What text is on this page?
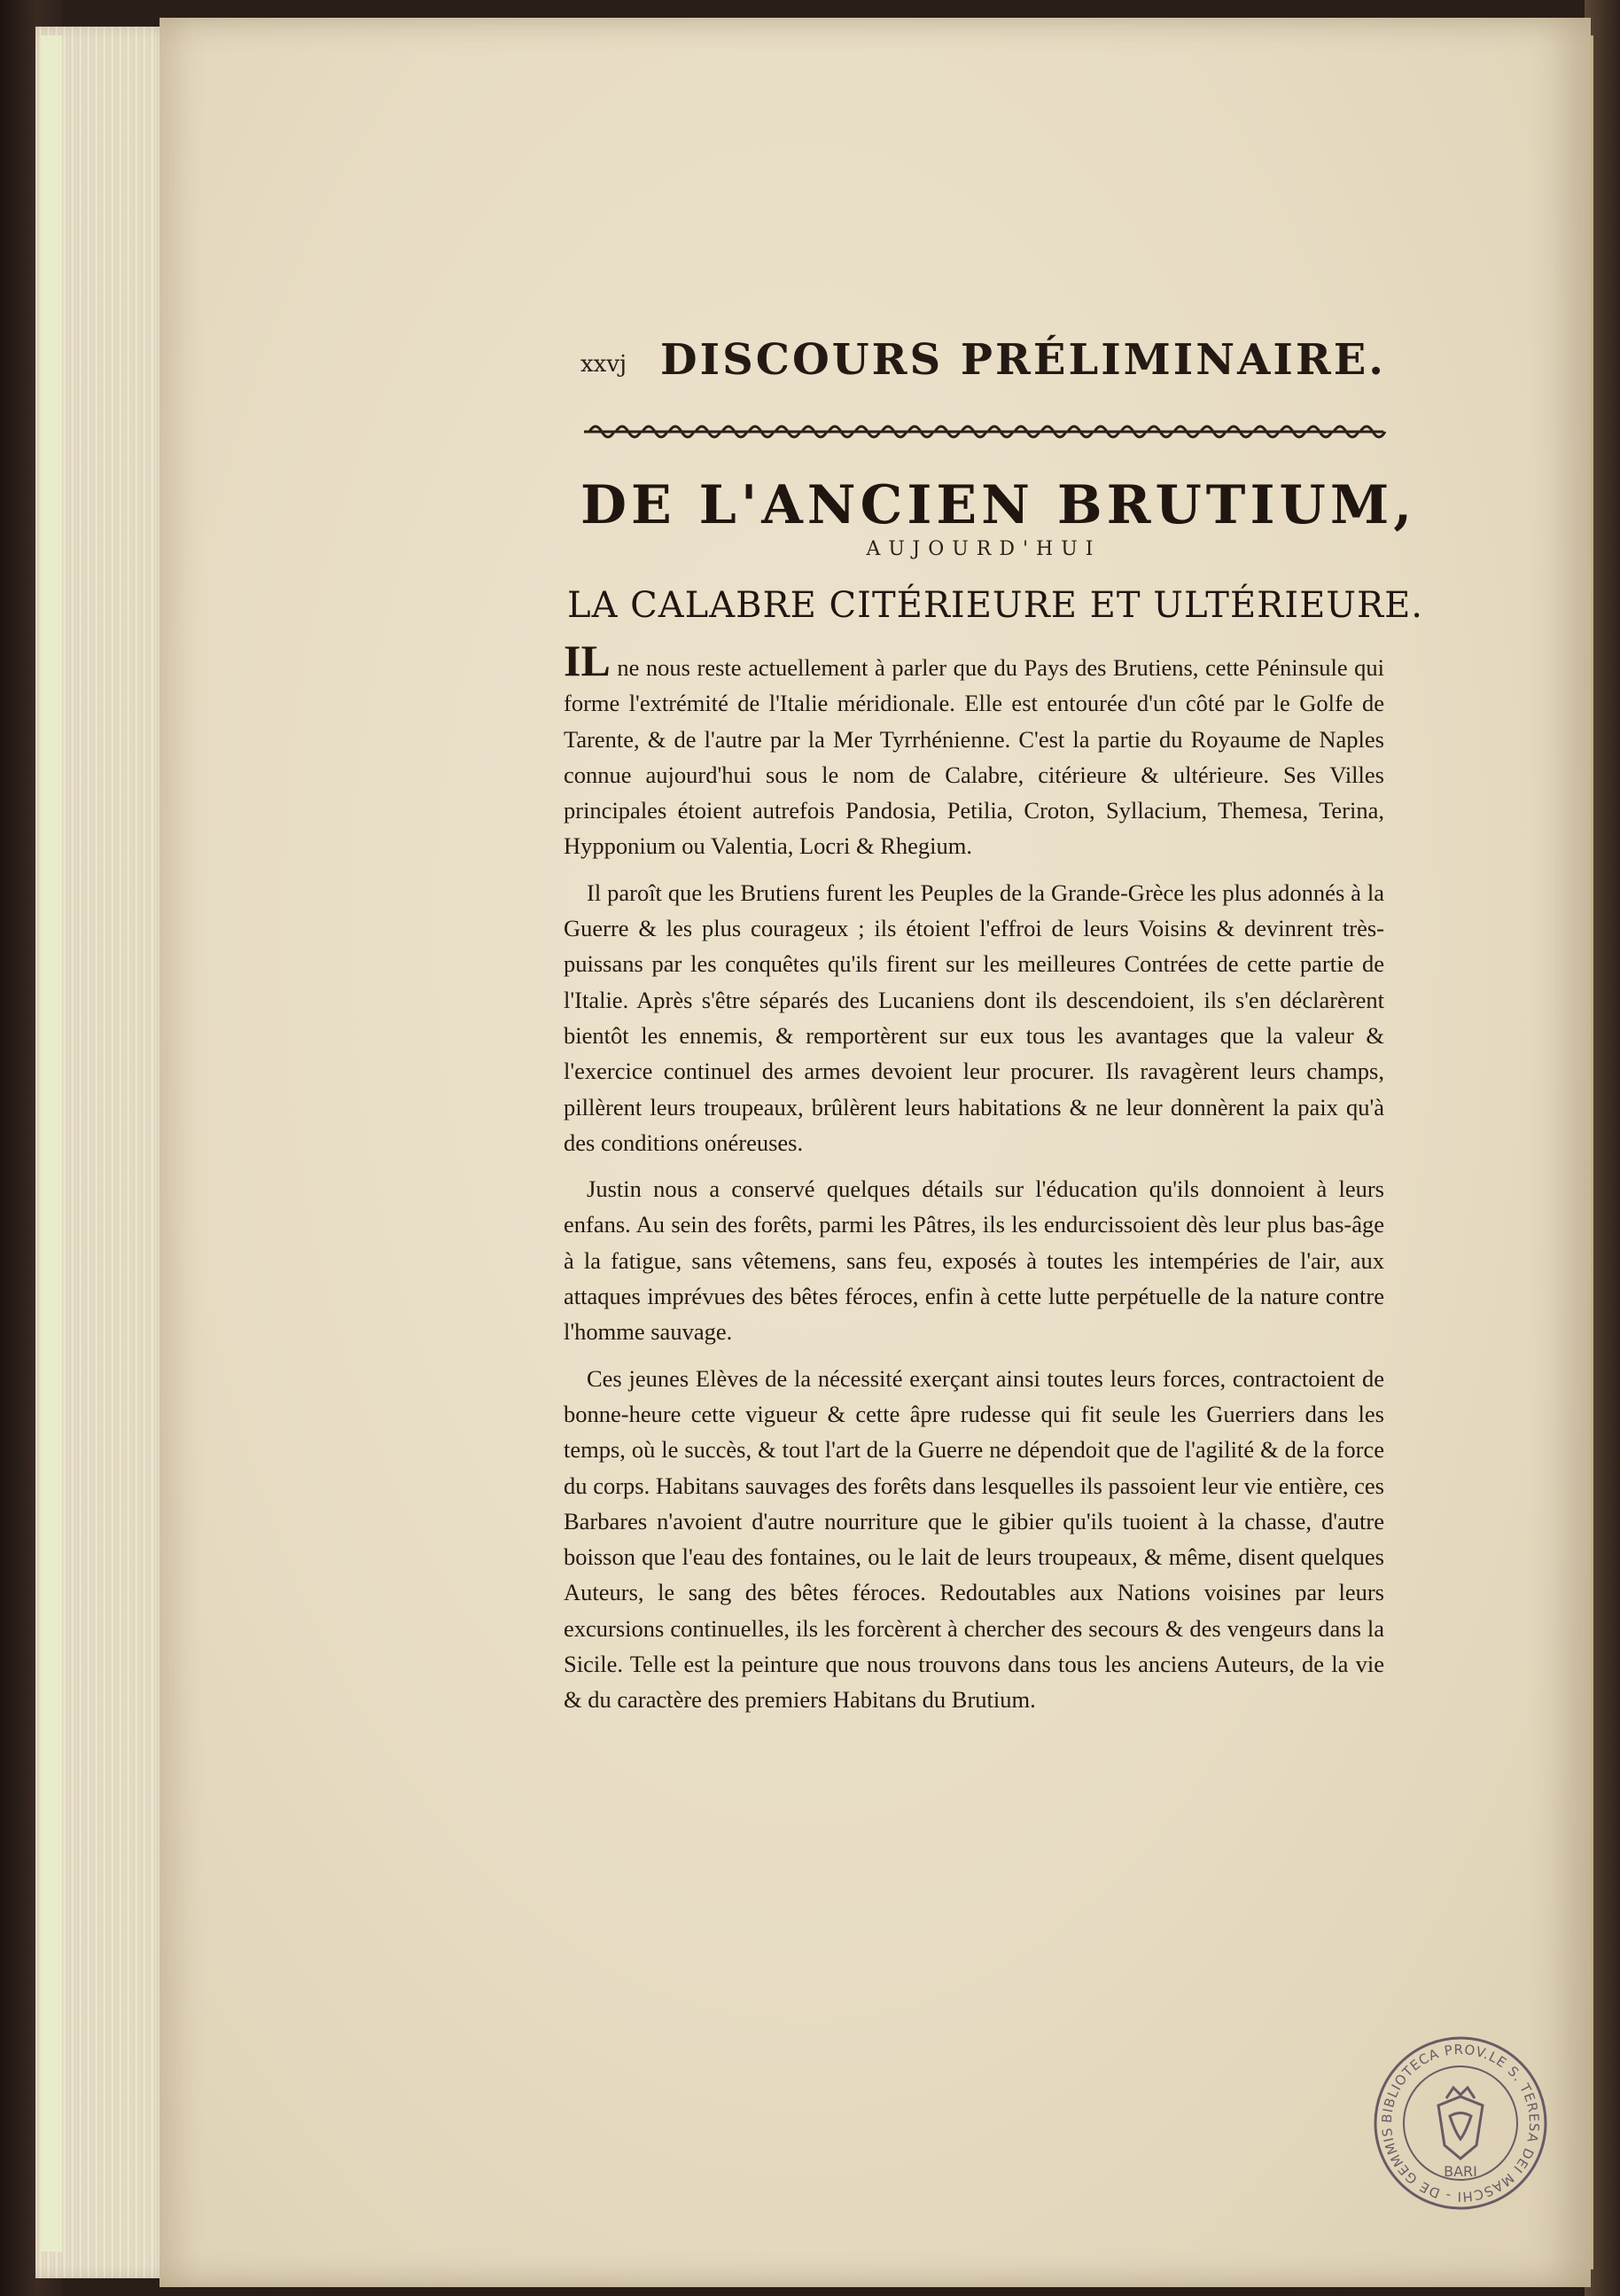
xxvj DISCOURS PRÉLIMINAIRE.
DE L'ANCIEN BRUTIUM,
AUJOURD'HUI
LA CALABRE CITÉRIEURE ET ULTÉRIEURE.

IL ne nous reste actuellement à parler que du Pays des Brutiens, cette Péninsule qui forme l'extrémité de l'Italie méridionale. Elle est entourée d'un côté par le Golfe de Tarente, & de l'autre par la Mer Tyrrhénienne. C'est la partie du Royaume de Naples connue aujourd'hui sous le nom de Calabre, citérieure & ultérieure. Ses Villes principales étoient autrefois Pandosia, Petilia, Croton, Syllacium, Themesa, Terina, Hypponium ou Valentia, Locri & Rhegium.

Il paroît que les Brutiens furent les Peuples de la Grande-Grèce les plus adonnés à la Guerre & les plus courageux ; ils étoient l'effroi de leurs Voisins & devinrent très-puissans par les conquêtes qu'ils firent sur les meilleures Contrées de cette partie de l'Italie. Après s'être séparés des Lucaniens dont ils descendoient, ils s'en déclarèrent bientôt les ennemis, & remportèrent sur eux tous les avantages que la valeur & l'exercice continuel des armes devoient leur procurer. Ils ravagèrent leurs champs, pillèrent leurs troupeaux, brûlèrent leurs habitations & ne leur donnèrent la paix qu'à des conditions onéreuses.

Justin nous a conservé quelques détails sur l'éducation qu'ils donnoient à leurs enfans. Au sein des forêts, parmi les Pâtres, ils les endurcissoient dès leur plus bas-âge à la fatigue, sans vêtemens, sans feu, exposés à toutes les intempéries de l'air, aux attaques imprévues des bêtes féroces, enfin à cette lutte perpétuelle de la nature contre l'homme sauvage.

Ces jeunes Elèves de la nécessité exerçant ainsi toutes leurs forces, contractoient de bonne-heure cette vigueur & cette âpre rudesse qui fit seule les Guerriers dans les temps, où le succès, & tout l'art de la Guerre ne dépendoit que de l'agilité & de la force du corps. Habitans sauvages des forêts dans lesquelles ils passoient leur vie entière, ces Barbares n'avoient d'autre nourriture que le gibier qu'ils tuoient à la chasse, d'autre boisson que l'eau des fontaines, ou le lait de leurs troupeaux, & même, disent quelques Auteurs, le sang des bêtes féroces. Redoutables aux Nations voisines par leurs excursions continuelles, ils les forcèrent à chercher des secours & des vengeurs dans la Sicile. Telle est la peinture que nous trouvons dans tous les anciens Auteurs, de la vie & du caractère des premiers Habitans du Brutium.

BIBLIOTECA PROV.LE S. TERESA DEI MASCHI - DE GEMMIS
BARI
